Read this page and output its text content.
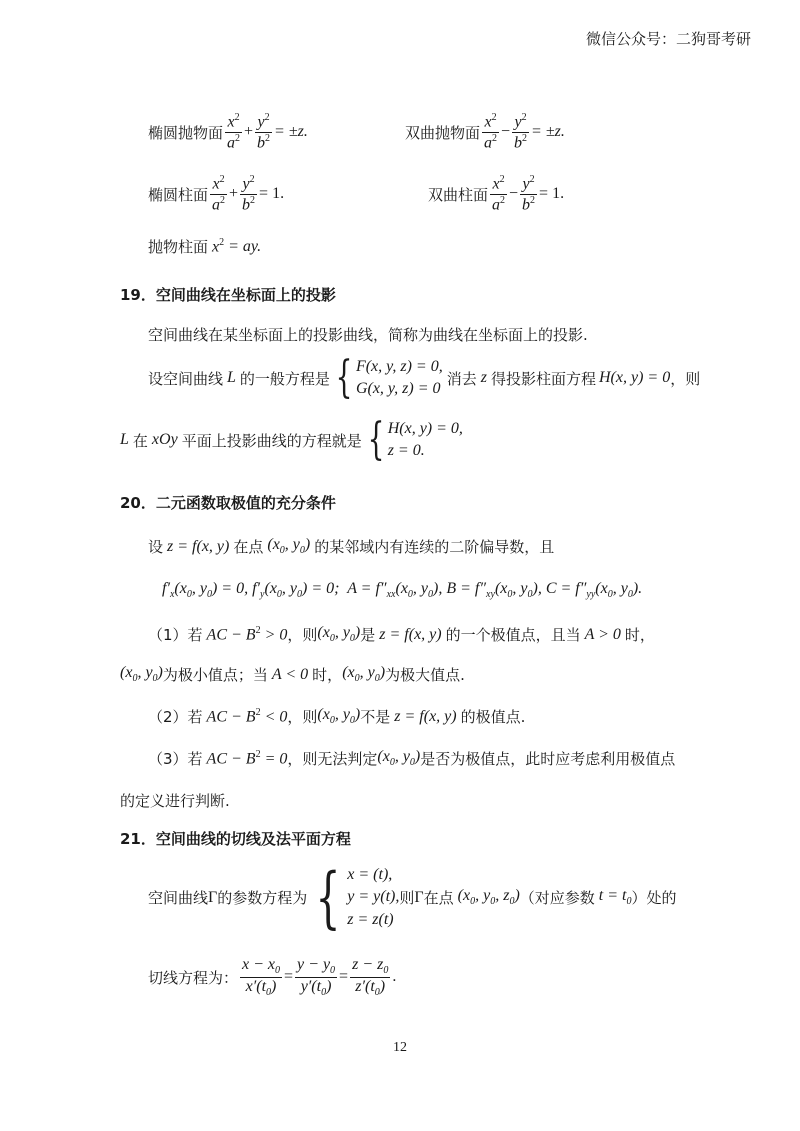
微信公众号：二狗哥考研
椭圆抛物面 $\frac{x^2}{a^2} + \frac{y^2}{b^2} = \pm z$.	双曲抛物面 $\frac{x^2}{a^2} - \frac{y^2}{b^2} = \pm z$.
椭圆柱面 $\frac{x^2}{a^2} + \frac{y^2}{b^2} = 1$.	双曲柱面 $\frac{x^2}{a^2} - \frac{y^2}{b^2} = 1$.
抛物柱面 $x^2$ = ay.
19．空间曲线在坐标面上的投影
空间曲线在某坐标面上的投影曲线，简称为曲线在坐标面上的投影.
设空间曲线 L 的一般方程是 { F(x, y, z) = 0,
G(x, y, z) = 0
消去 z 得投影柱面方程 H(x, y) = 0 ，则
L 在 xOy 平面上投影曲线的方程就是 { H(x, y) = 0,
z = 0.
20．二元函数取极值的充分条件
设 z = f(x, y) 在点 ($x_0$, $y_0$) 的某邻域内有连续的二阶偏导数，且
$f'_x(x_0$, $y_0) = 0$, $f'_y(x_0$, $y_0) = 0$;  $A = f''_{xx}(x_0$, $y_0$), $B = f''_{xy}(x_0$, $y_0$), $C = f''_{yy}(x_0$, $y_0$).
（1）若 AC − $B^2 > 0$ ，则 ($x_0$, $y_0$) 是 z = f(x, y) 的一个极值点，且当 A > 0 时，
($x_0$, $y_0$) 为极小值点；当 A < 0 时， ($x_0$, $y_0$) 为极大值点.
（2）若 AC − $B^2 < 0$ ，则 ($x_0$, $y_0$) 不是 z = f(x, y) 的极值点.
（3）若 AC − $B^2 = 0$ ，则无法判定 ($x_0$, $y_0$) 是否为极值点，此时应考虑利用极值点
的定义进行判断.
21．空间曲线的切线及法平面方程
空间曲线 Γ 的参数方程为 { x = (t),
y = y(t),
z = z(t)
则 Γ 在点 ($x_0$, $y_0$, $z_0$) （对应参数 $t = t_0$ ）处的
切线方程为： $\frac{x - x_0}{x'(t_0)} = \frac{y - y_0}{y'(t_0)} = \frac{z - z_0}{z'(t_0)}$ .
12
